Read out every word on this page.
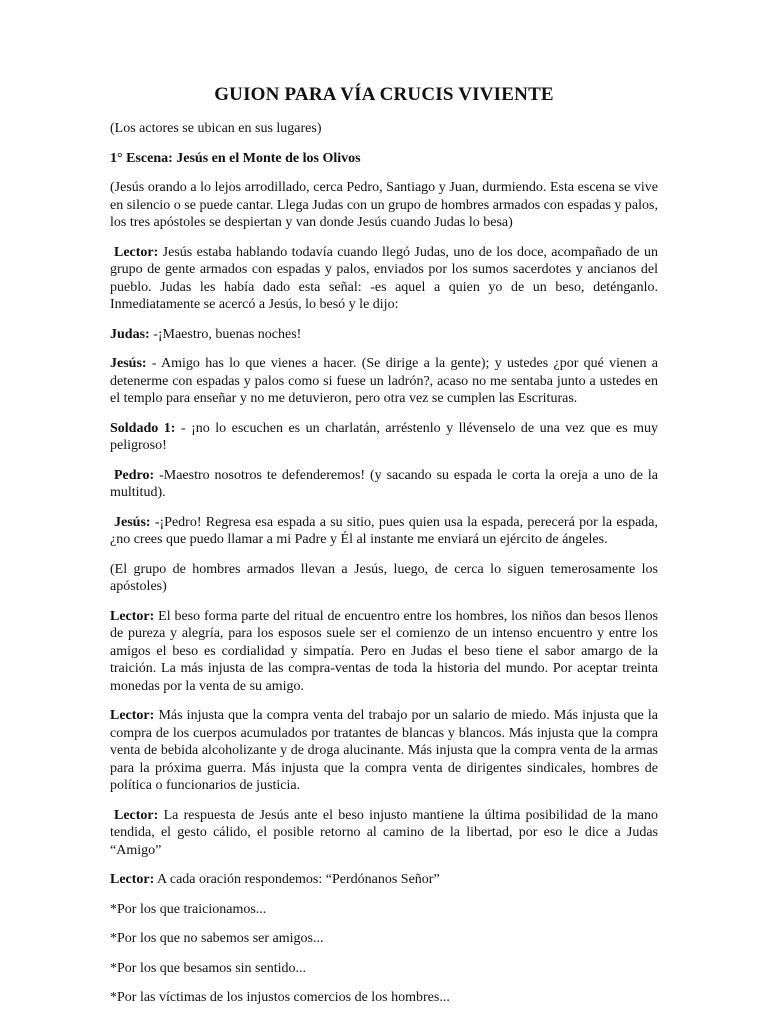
GUION PARA VÍA CRUCIS VIVIENTE

(Los actores se ubican en sus lugares)

1° Escena: Jesús en el Monte de los Olivos

(Jesús orando a lo lejos arrodillado, cerca Pedro, Santiago y Juan, durmiendo. Esta escena se vive en silencio o se puede cantar. Llega Judas con un grupo de hombres armados con espadas y palos, los tres apóstoles se despiertan y van donde Jesús cuando Judas lo besa)

Lector: Jesús estaba hablando todavía cuando llegó Judas, uno de los doce, acompañado de un grupo de gente armados con espadas y palos, enviados por los sumos sacerdotes y ancianos del pueblo. Judas les había dado esta señal: -es aquel a quien yo de un beso, deténganlo. Inmediatamente se acercó a Jesús, lo besó y le dijo:

Judas: -¡Maestro, buenas noches!

Jesús: - Amigo has lo que vienes a hacer. (Se dirige a la gente); y ustedes ¿por qué vienen a detenerme con espadas y palos como si fuese un ladrón?, acaso no me sentaba junto a ustedes en el templo para enseñar y no me detuvieron, pero otra vez se cumplen las Escrituras.

Soldado 1: - ¡no lo escuchen es un charlatán, arréstenlo y llévenselo de una vez que es muy peligroso!

Pedro: -Maestro nosotros te defenderemos! (y sacando su espada le corta la oreja a uno de la multitud).

Jesús: -¡Pedro! Regresa esa espada a su sitio, pues quien usa la espada, perecerá por la espada, ¿no crees que puedo llamar a mi Padre y Él al instante me enviará un ejército de ángeles.

(El grupo de hombres armados llevan a Jesús, luego, de cerca lo siguen temerosamente los apóstoles)

Lector: El beso forma parte del ritual de encuentro entre los hombres, los niños dan besos llenos de pureza y alegría, para los esposos suele ser el comienzo de un intenso encuentro y entre los amigos el beso es cordialidad y simpatía. Pero en Judas el beso tiene el sabor amargo de la traición. La más injusta de las compra-ventas de toda la historia del mundo. Por aceptar treinta monedas por la venta de su amigo.

Lector: Más injusta que la compra venta del trabajo por un salario de miedo. Más injusta que la compra de los cuerpos acumulados por tratantes de blancas y blancos. Más injusta que la compra venta de bebida alcoholizante y de droga alucinante. Más injusta que la compra venta de la armas para la próxima guerra. Más injusta que la compra venta de dirigentes sindicales, hombres de política o funcionarios de justicia.

Lector: La respuesta de Jesús ante el beso injusto mantiene la última posibilidad de la mano tendida, el gesto cálido, el posible retorno al camino de la libertad, por eso le dice a Judas “Amigo”

Lector: A cada oración respondemos: “Perdónanos Señor”

*Por los que traicionamos...

*Por los que no sabemos ser amigos...

*Por los que besamos sin sentido...

*Por las víctimas de los injustos comercios de los hombres...
